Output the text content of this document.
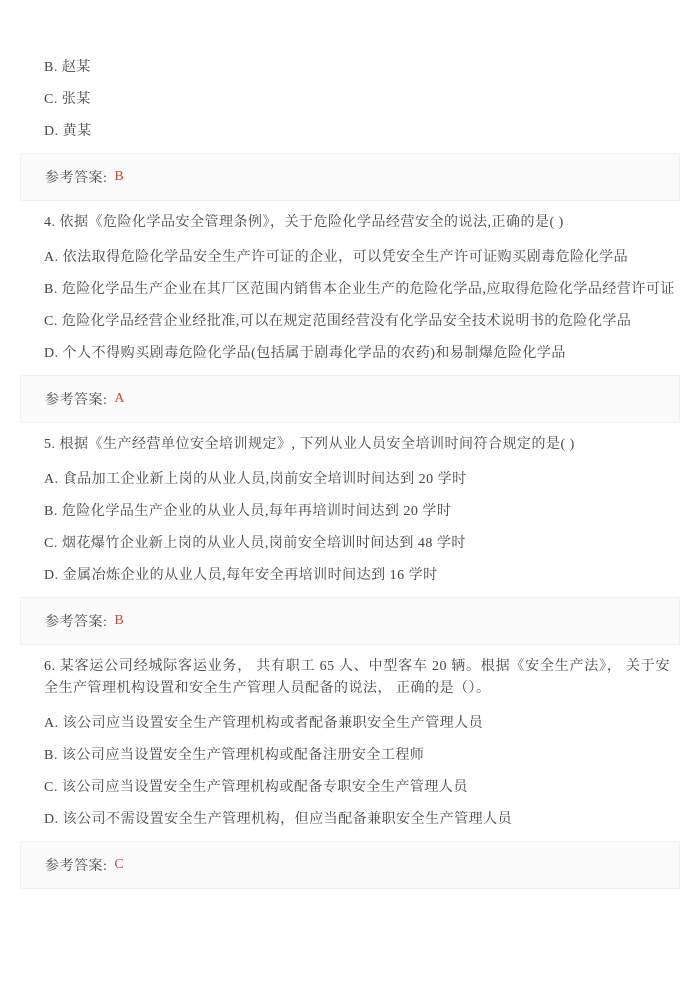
B. 赵某

C. 张某

D. 黄某

参考答案: B

4. 依据《危险化学品安全管理条例》，关于危险化学品经营安全的说法,正确的是( )

A. 依法取得危险化学品安全生产许可证的企业，可以凭安全生产许可证购买剧毒危险化学品

B. 危险化学品生产企业在其厂区范围内销售本企业生产的危险化学品,应取得危险化学品经营许可证

C. 危险化学品经营企业经批准,可以在规定范围经营没有化学品安全技术说明书的危险化学品

D. 个人不得购买剧毒危险化学品(包括属于剧毒化学品的农药)和易制爆危险化学品

参考答案: A

5. 根据《生产经营单位安全培训规定》, 下列从业人员安全培训时间符合规定的是( )

A. 食品加工企业新上岗的从业人员,岗前安全培训时间达到 20 学时

B. 危险化学品生产企业的从业人员,每年再培训时间达到 20 学时

C. 烟花爆竹企业新上岗的从业人员,岗前安全培训时间达到 48 学时

D. 金属冶炼企业的从业人员,每年安全再培训时间达到 16 学时

参考答案: B

6. 某客运公司经城际客运业务， 共有职工 65 人、中型客车 20 辆。根据《安全生产法》， 关于安全生产管理机构设置和安全生产管理人员配备的说法， 正确的是（）。

A. 该公司应当设置安全生产管理机构或者配备兼职安全生产管理人员

B. 该公司应当设置安全生产管理机构或配备注册安全工程师

C. 该公司应当设置安全生产管理机构或配备专职安全生产管理人员

D. 该公司不需设置安全生产管理机构，但应当配备兼职安全生产管理人员

参考答案: C
